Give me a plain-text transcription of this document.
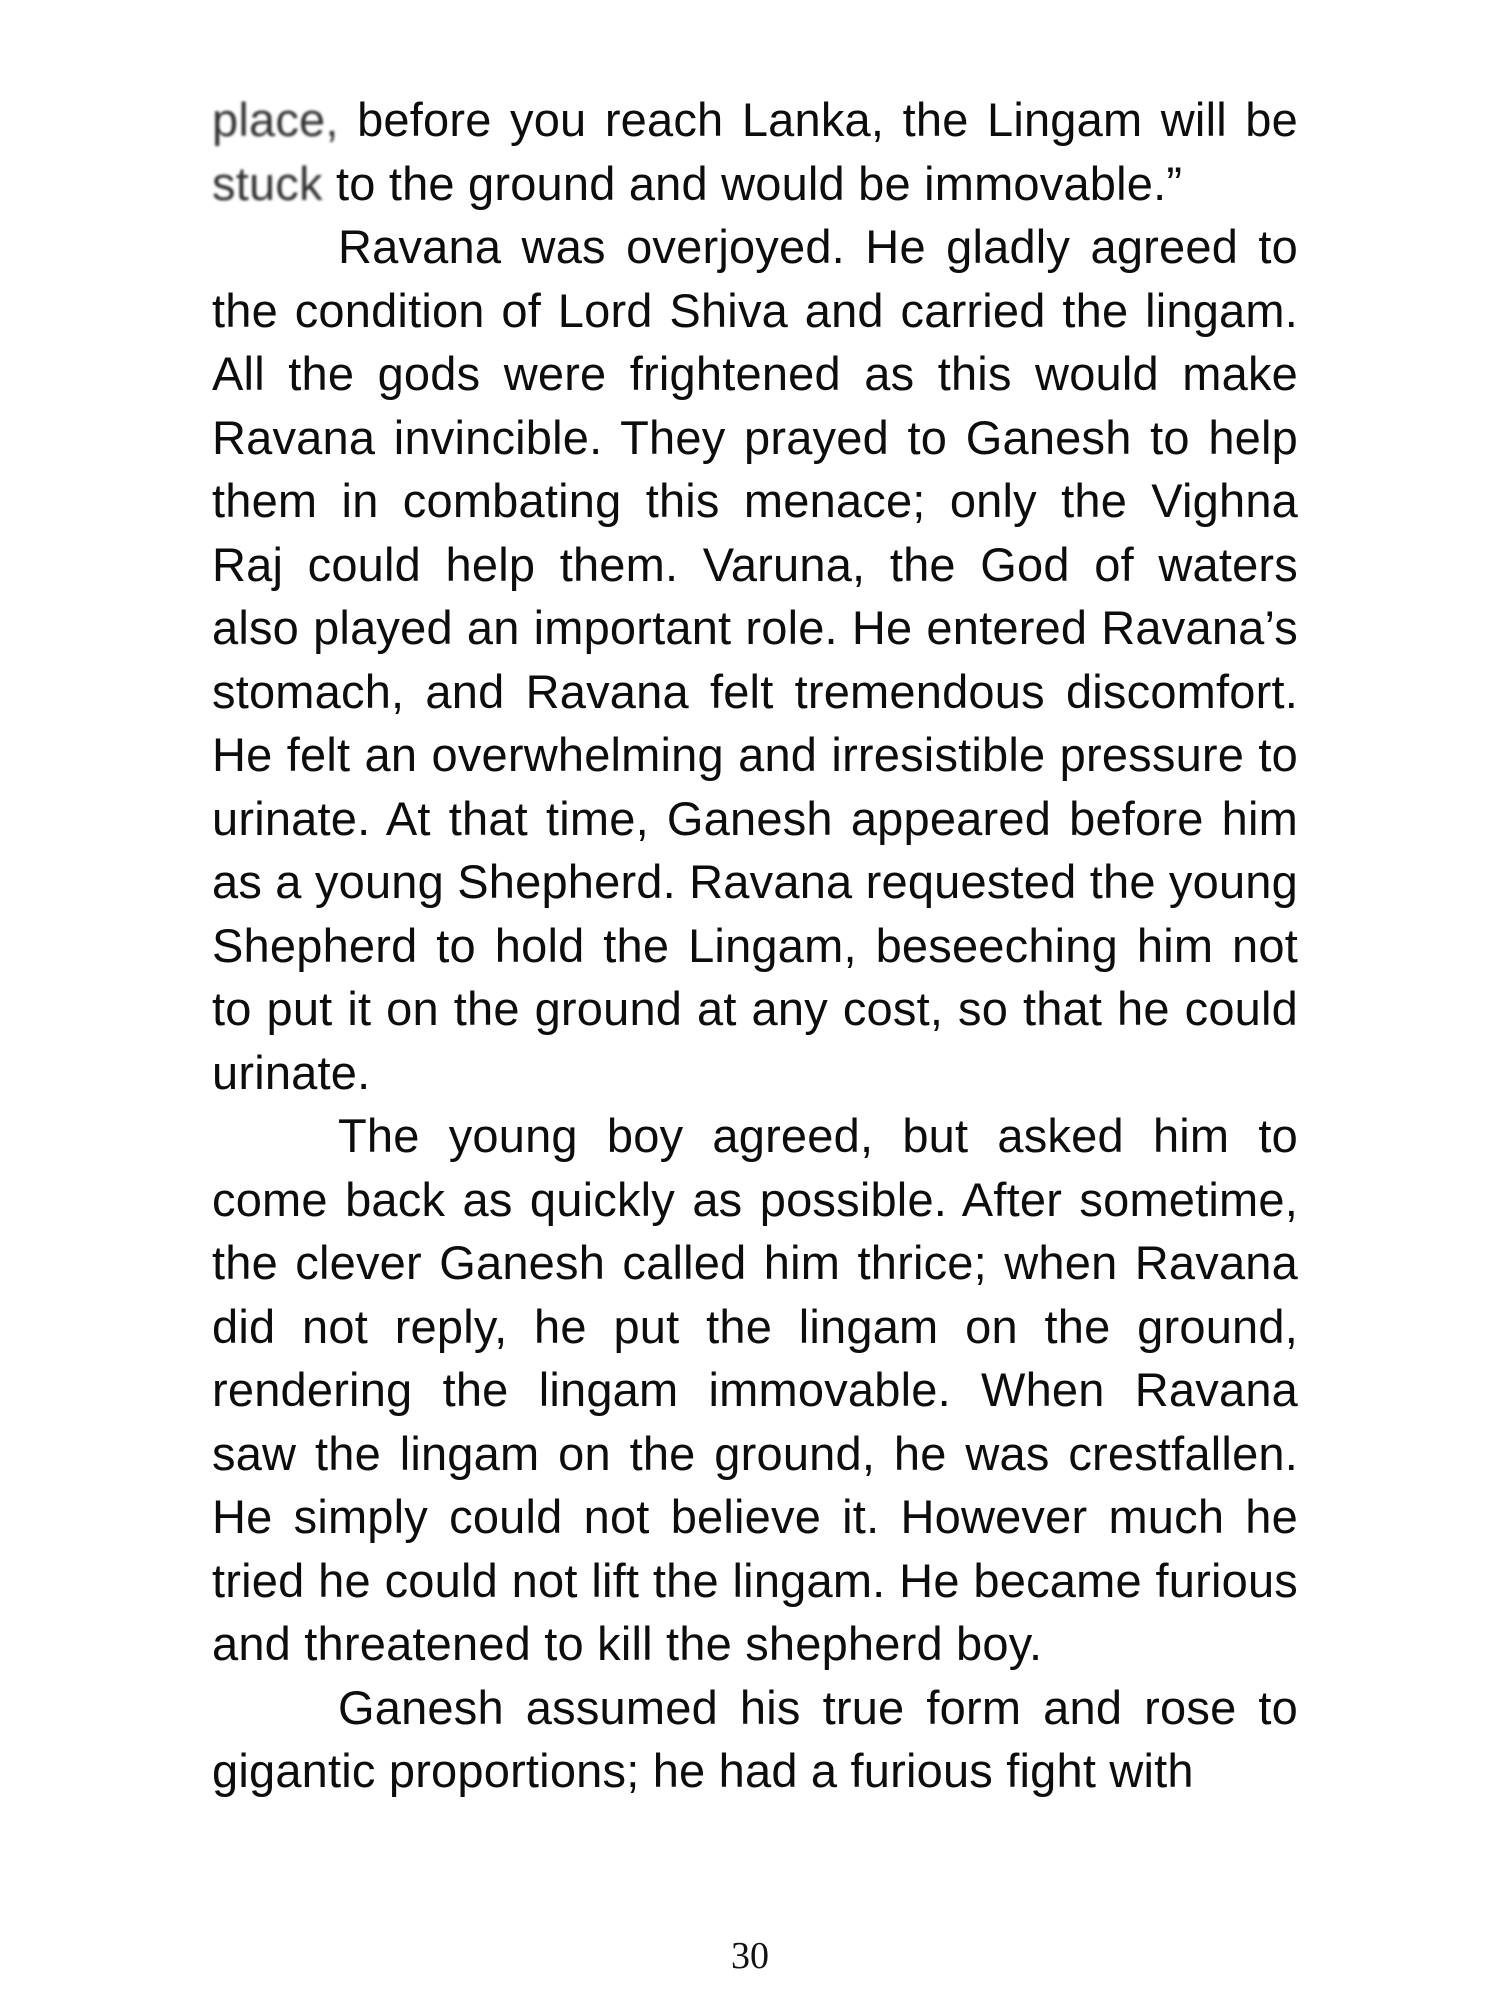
place, before you reach Lanka, the Lingam will be stuck to the ground and would be immovable.”

Ravana was overjoyed. He gladly agreed to the condition of Lord Shiva and carried the lingam. All the gods were frightened as this would make Ravana invincible. They prayed to Ganesh to help them in combating this menace; only the Vighna Raj could help them. Varuna, the God of waters also played an important role. He entered Ravana’s stomach, and Ravana felt tremendous discomfort. He felt an overwhelming and irresistible pressure to urinate. At that time, Ganesh appeared before him as a young Shepherd. Ravana requested the young Shepherd to hold the Lingam, beseeching him not to put it on the ground at any cost, so that he could urinate.

The young boy agreed, but asked him to come back as quickly as possible. After sometime, the clever Ganesh called him thrice; when Ravana did not reply, he put the lingam on the ground, rendering the lingam immovable. When Ravana saw the lingam on the ground, he was crestfallen. He simply could not believe it. However much he tried he could not lift the lingam. He became furious and threatened to kill the shepherd boy.

Ganesh assumed his true form and rose to gigantic proportions; he had a furious fight with

30
